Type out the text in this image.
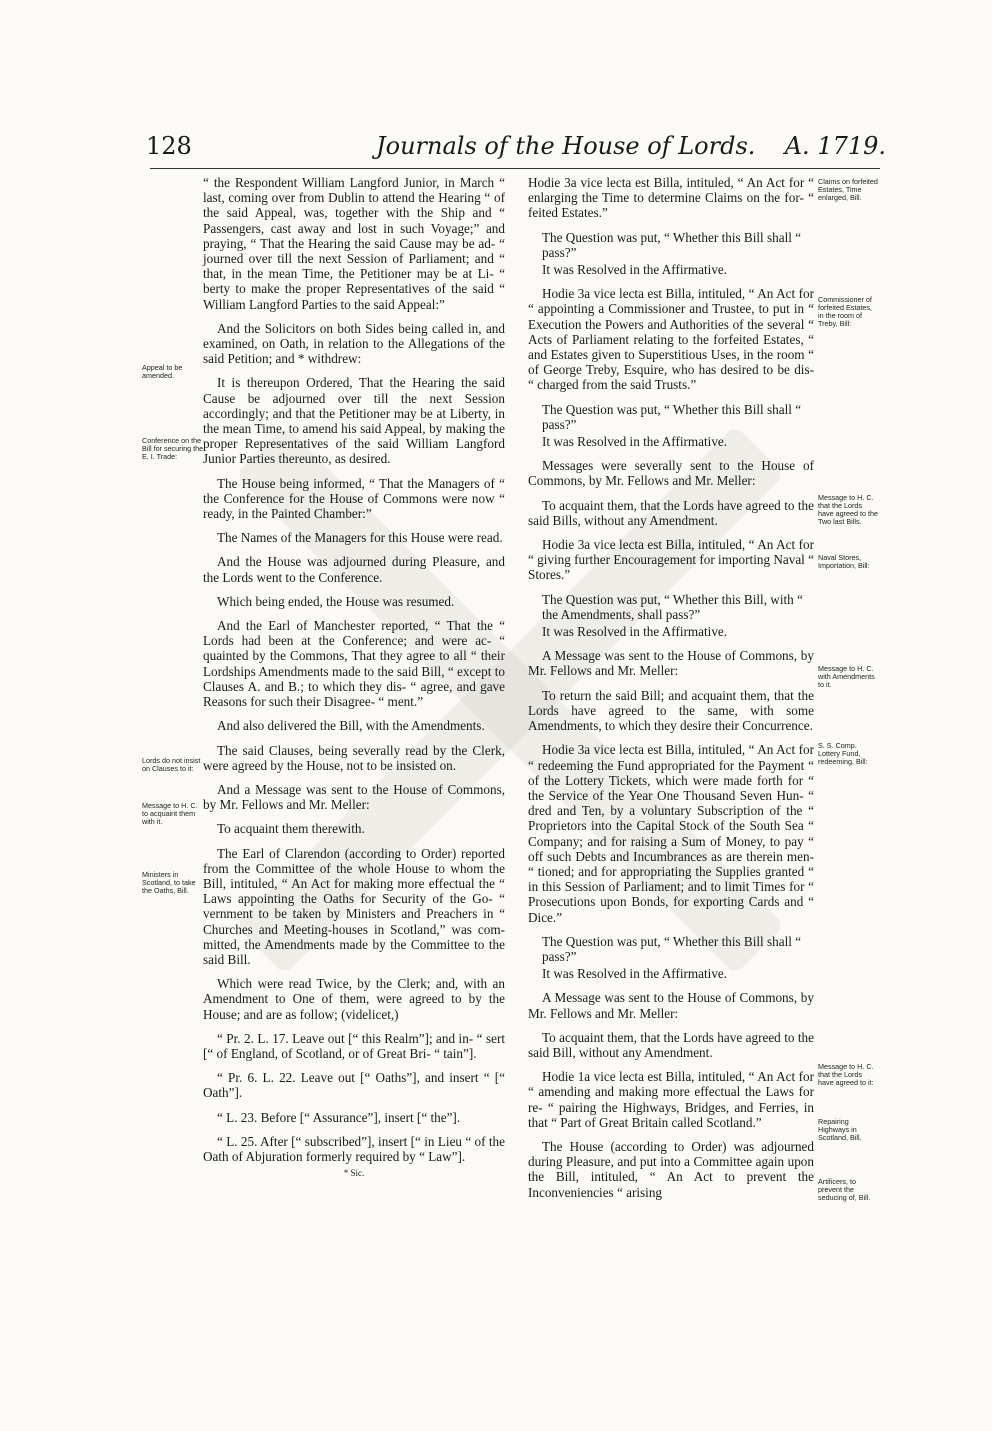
128	Journals of the House of Lords. A. 1719.
Appeal to be amended.
Conference on the Bill for securing the E. I. Trade:
Lords do not insist on Clauses to it:
Message to H. C. to acquaint them with it.
Ministers in Scotland, to take the Oaths, Bill.
Claims on forfeited Estates, Time enlarged, Bill.
Commissioner of forfeited Estates, in the room of Treby, Bill:
Message to H. C. that the Lords have agreed to the Two last Bills.
Naval Stores, Importation, Bill:
Message to H. C. with Amendments to it.
S. S. Comp. Lottery Fund, redeeming, Bill:
Message to H. C. that the Lords have agreed to it:
Repairing Highways in Scotland, Bill.
Artificers, to prevent the seducing of, Bill.

“ the Respondent William Langford Junior, in March “ last, coming over from Dublin to attend the Hearing “ of the said Appeal, was, together with the Ship and “ Passengers, cast away and lost in such Voyage;” and praying, “ That the Hearing the said Cause may be ad- “ journed over till the next Session of Parliament; and “ that, in the mean Time, the Petitioner may be at Li- “ berty to make the proper Representatives of the said “ William Langford Parties to the said Appeal:”

And the Solicitors on both Sides being called in, and examined, on Oath, in relation to the Allegations of the said Petition; and * withdrew:

It is thereupon Ordered, That the Hearing the said Cause be adjourned over till the next Session accordingly; and that the Petitioner may be at Liberty, in the mean Time, to amend his said Appeal, by making the proper Representatives of the said William Langford Junior Parties thereunto, as desired.

The House being informed, “ That the Managers of “ the Conference for the House of Commons were now “ ready, in the Painted Chamber:”

The Names of the Managers for this House were read.

And the House was adjourned during Pleasure, and the Lords went to the Conference.

Which being ended, the House was resumed.

And the Earl of Manchester reported, “ That the “ Lords had been at the Conference; and were ac- “ quainted by the Commons, That they agree to all “ their Lordships Amendments made to the said Bill, “ except to Clauses A. and B.; to which they dis- “ agree, and gave Reasons for such their Disagree- “ ment.”

And also delivered the Bill, with the Amendments.

The said Clauses, being severally read by the Clerk, were agreed by the House, not to be insisted on.

And a Message was sent to the House of Commons, by Mr. Fellows and Mr. Meller:

To acquaint them therewith.

The Earl of Clarendon (according to Order) reported from the Committee of the whole House to whom the Bill, intituled, “ An Act for making more effectual the “ Laws appointing the Oaths for Security of the Go- “ vernment to be taken by Ministers and Preachers in “ Churches and Meeting-houses in Scotland,” was com- mitted, the Amendments made by the Committee to the said Bill.

Which were read Twice, by the Clerk; and, with an Amendment to One of them, were agreed to by the House; and are as follow; (videlicet,)

“ Pr. 2. L. 17. Leave out [“ this Realm”]; and in- “ sert [“ of England, of Scotland, or of Great Bri- “ tain”].

“ Pr. 6. L. 22. Leave out [“ Oaths”], and insert “ [“ Oath”].

“ L. 23. Before [“ Assurance”], insert [“ the”].

“ L. 25. After [“ subscribed”], insert [“ in Lieu “ of the Oath of Abjuration formerly required by “ Law”].

* Sic.

Hodie 3a vice lecta est Billa, intituled, “ An Act for “ enlarging the Time to determine Claims on the for- “ feited Estates.”

The Question was put, “ Whether this Bill shall “ pass?”

It was Resolved in the Affirmative.

Hodie 3a vice lecta est Billa, intituled, “ An Act for “ appointing a Commissioner and Trustee, to put in “ Execution the Powers and Authorities of the several “ Acts of Parliament relating to the forfeited Estates, “ and Estates given to Superstitious Uses, in the room “ of George Treby, Esquire, who has desired to be dis- “ charged from the said Trusts.”

The Question was put, “ Whether this Bill shall “ pass?”

It was Resolved in the Affirmative.

Messages were severally sent to the House of Commons, by Mr. Fellows and Mr. Meller:

To acquaint them, that the Lords have agreed to the said Bills, without any Amendment.

Hodie 3a vice lecta est Billa, intituled, “ An Act for “ giving further Encouragement for importing Naval “ Stores.”

The Question was put, “ Whether this Bill, with “ the Amendments, shall pass?”

It was Resolved in the Affirmative.

A Message was sent to the House of Commons, by Mr. Fellows and Mr. Meller:

To return the said Bill; and acquaint them, that the Lords have agreed to the same, with some Amendments, to which they desire their Concurrence.

Hodie 3a vice lecta est Billa, intituled, “ An Act for “ redeeming the Fund appropriated for the Payment “ of the Lottery Tickets, which were made forth for “ the Service of the Year One Thousand Seven Hun- “ dred and Ten, by a voluntary Subscription of the “ Proprietors into the Capital Stock of the South Sea “ Company; and for raising a Sum of Money, to pay “ off such Debts and Incumbrances as are therein men- “ tioned; and for appropriating the Supplies granted “ in this Session of Parliament; and to limit Times for “ Prosecutions upon Bonds, for exporting Cards and “ Dice.”

The Question was put, “ Whether this Bill shall “ pass?”

It was Resolved in the Affirmative.

A Message was sent to the House of Commons, by Mr. Fellows and Mr. Meller:

To acquaint them, that the Lords have agreed to the said Bill, without any Amendment.

Hodie 1a vice lecta est Billa, intituled, “ An Act for “ amending and making more effectual the Laws for re- “ pairing the Highways, Bridges, and Ferries, in that “ Part of Great Britain called Scotland.”

The House (according to Order) was adjourned during Pleasure, and put into a Committee again upon the Bill, intituled, “ An Act to prevent the Inconveniencies “ arising
